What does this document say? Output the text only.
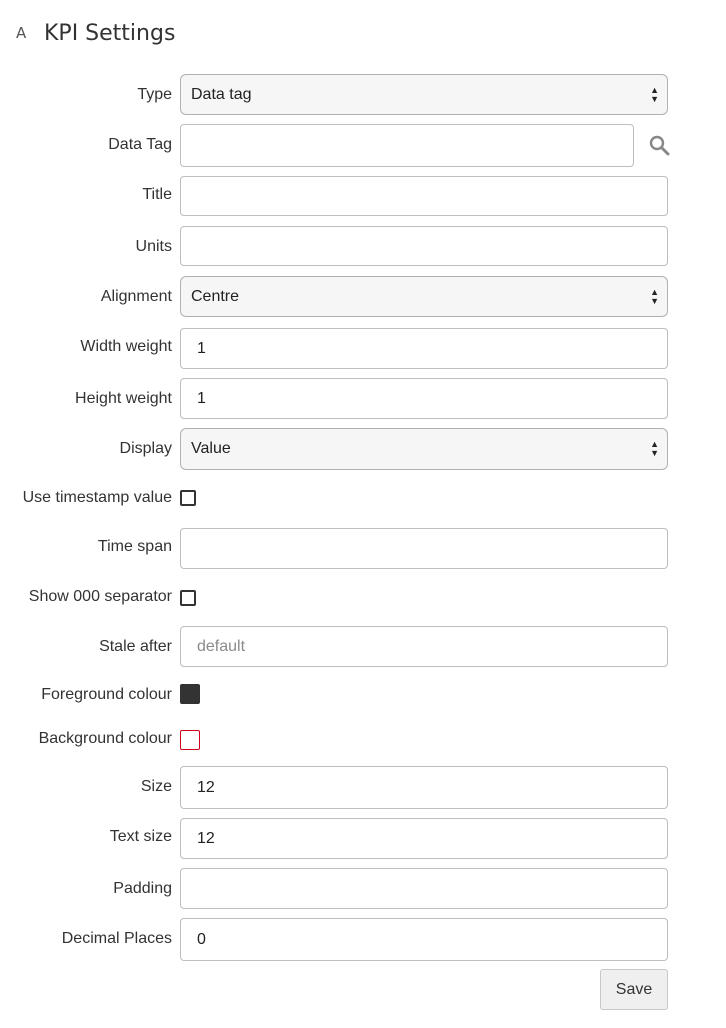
A KPI Settings
Type Data tag	▲
▼
Data Tag
Title
Units
Alignment Centre	▲
▼
Width weight	1
Height weight	1
Display Value	▲
▼
Use timestamp value
Time span
Show 000 separator
Stale after	default
Foreground colour
Background colour
Size	12
Text size	12
Padding
Decimal Places	0
Save
